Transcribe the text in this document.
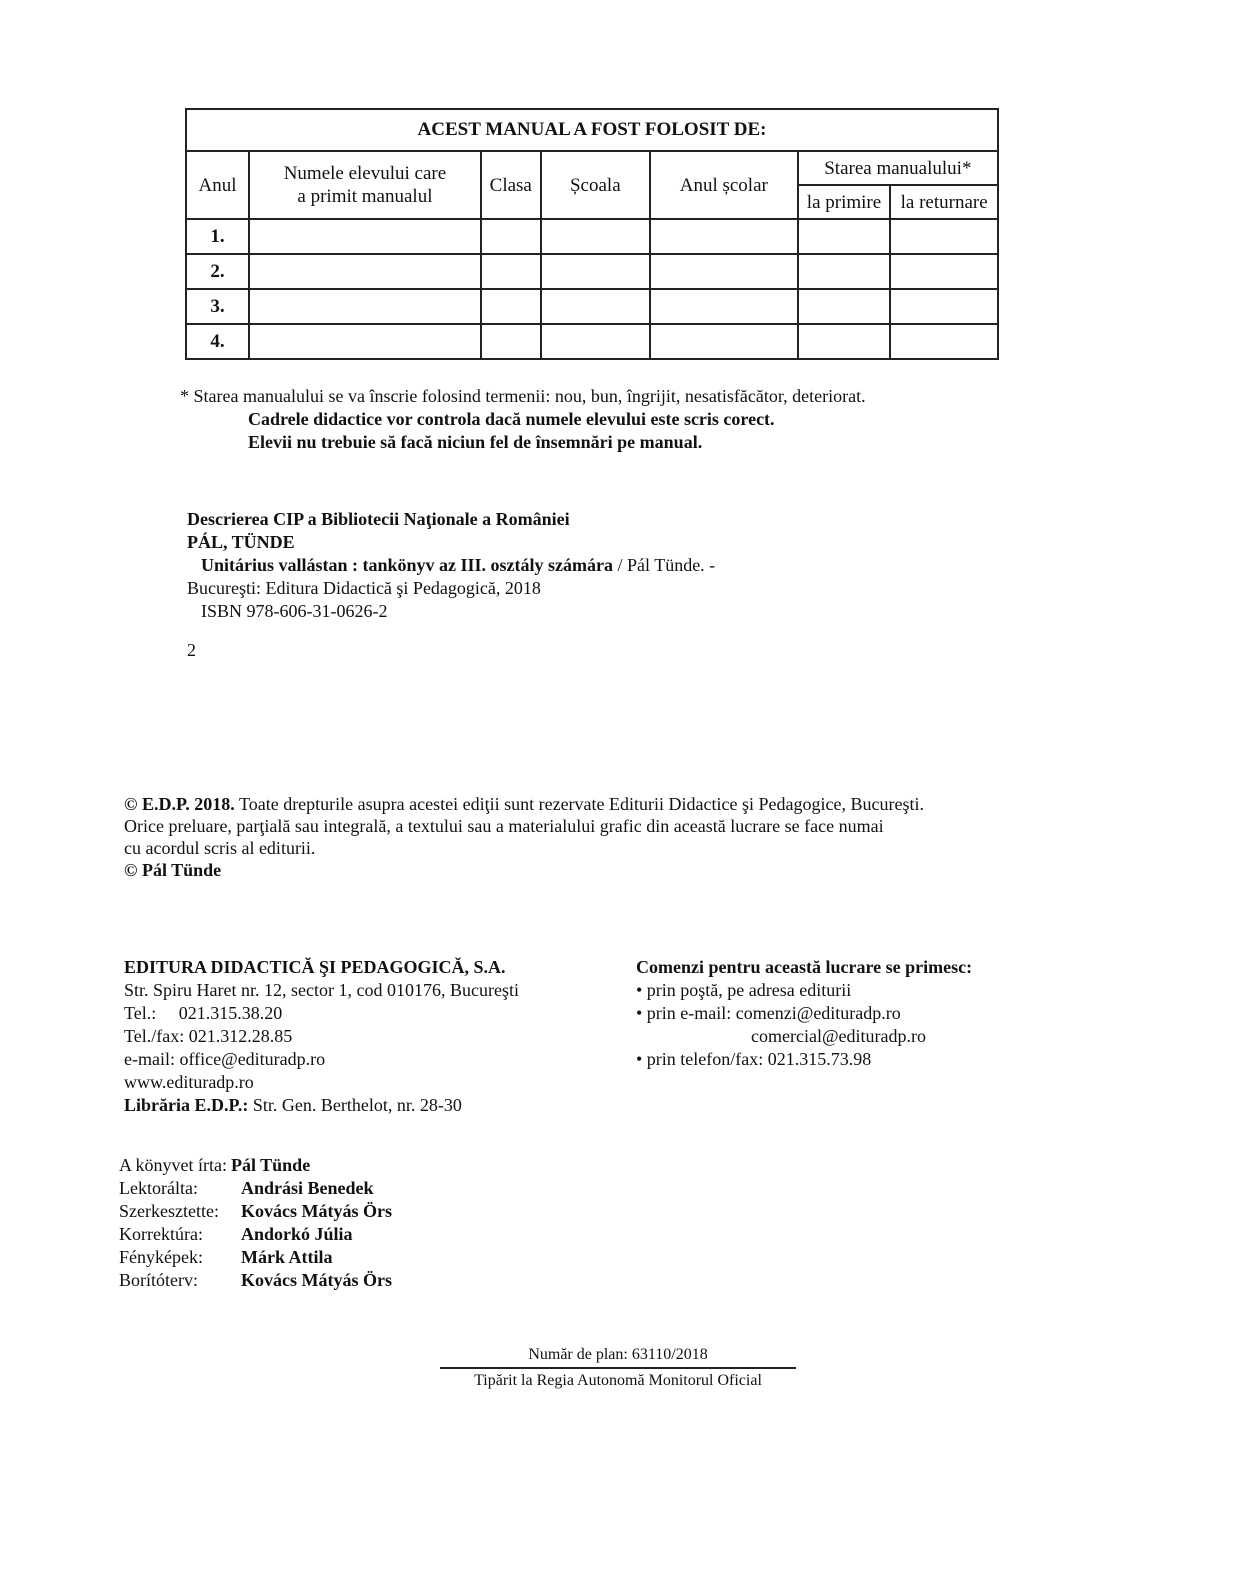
ACEST MANUAL A FOST FOLOSIT DE:						
Anul	Numele elevului care a primit manualul	Clasa	Școala	Anul școlar	Starea manualului*	
					la primire	la returnare
1.						
2.						
3.						
4.						
* Starea manualului se va înscrie folosind termenii: nou, bun, îngrijit, nesatisfăcător, deteriorat.
Cadrele didactice vor controla dacă numele elevului este scris corect.
Elevii nu trebuie să facă niciun fel de însemnări pe manual.
Descrierea CIP a Bibliotecii Naţionale a României
PÁL, TÜNDE
Unitárius vallástan : tankönyv az III. osztály számára / Pál Tünde. -
Bucureşti: Editura Didactică şi Pedagogică, 2018
ISBN 978-606-31-0626-2
2
© E.D.P. 2018. Toate drepturile asupra acestei ediţii sunt rezervate Editurii Didactice şi Pedagogice, Bucureşti.
Orice preluare, parţială sau integrală, a textului sau a materialului grafic din această lucrare se face numai
cu acordul scris al editurii.
© Pál Tünde
EDITURA DIDACTICĂ ŞI PEDAGOGICĂ, S.A.
Str. Spiru Haret nr. 12, sector 1, cod 010176, Bucureşti
Tel.:     021.315.38.20
Tel./fax: 021.312.28.85
e-mail: office@edituradp.ro
www.edituradp.ro
Librăria E.D.P.: Str. Gen. Berthelot, nr. 28-30
Comenzi pentru această lucrare se primesc:
• prin poştă, pe adresa editurii
• prin e-mail: comenzi@edituradp.ro
comercial@edituradp.ro
• prin telefon/fax: 021.315.73.98
A könyvet írta: Pál Tünde
Lektorálta:	Andrási Benedek
Szerkesztette:	Kovács Mátyás Örs
Korrektúra:	Andorkó Júlia
Fényképek:	Márk Attila
Borítóterv:	Kovács Mátyás Örs
Număr de plan: 63110/2018
Tipărit la Regia Autonomă Monitorul Oficial
